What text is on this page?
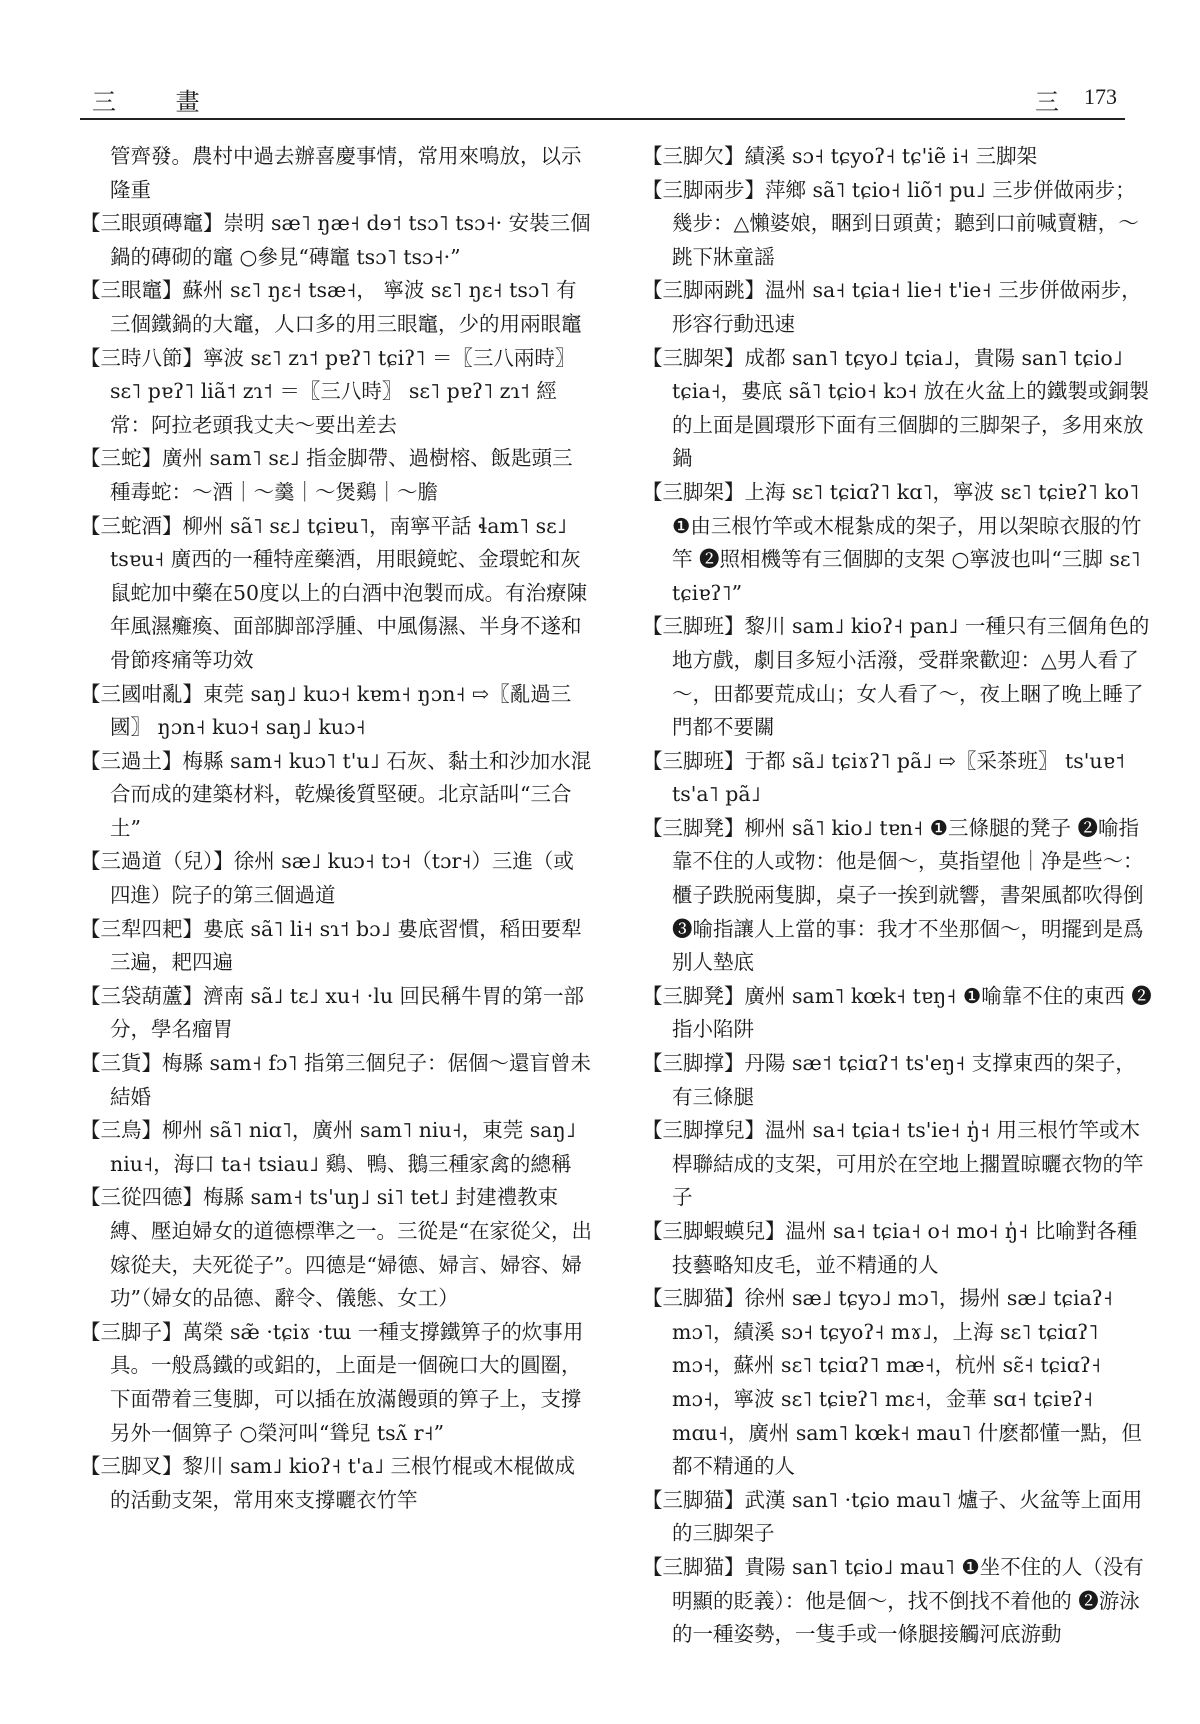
三 畫	三 173

管齊發。農村中過去辦喜慶事情，常用來鳴放，以示隆重

【三眼頭磚竈】崇明 sæ˥ ŋæ˧ dɘ˦ tsɔ˥ tsɔ˧· 安裝三個鍋的磚砌的竈 ○參見“磚竈 tsɔ˥ tsɔ˧·”

【三眼竈】蘇州 sɛ˥ ŋɛ˧ tsæ˧， 寧波 sɛ˥ ŋɛ˧ tsɔ˥ 有三個鐵鍋的大竈，人口多的用三眼竈，少的用兩眼竈

【三時八節】寧波 sɛ˥ zɿ˦ pɐʔ˥ tɕiʔ˥ ＝〖三八兩時〗 sɛ˥ pɐʔ˥ liã˦ zɿ˦ ＝〖三八時〗 sɛ˥ pɐʔ˥ zɿ˦ 經常：阿拉老頭我丈夫～要出差去

【三蛇】廣州 sam˥ sɛ˩ 指金脚帶、過樹榕、飯匙頭三種毒蛇：～酒｜～羹｜～煲鷄｜～膽

【三蛇酒】柳州 sã˥ sɛ˩ tɕiɐu˥，南寧平話 ɬam˥ sɛ˩ tsɐu˧ 廣西的一種特産藥酒，用眼鏡蛇、金環蛇和灰鼠蛇加中藥在50度以上的白酒中泡製而成。有治療陳年風濕癱瘓、面部脚部浮腫、中風傷濕、半身不遂和骨節疼痛等功效

【三國咁亂】東莞 saŋ˩ kuɔ˧ kɐm˧ ŋɔn˧ ⇨〖亂過三國〗 ŋɔn˧ kuɔ˧ saŋ˩ kuɔ˧

【三過土】梅縣 sam˧ kuɔ˥ t'u˩ 石灰、黏土和沙加水混合而成的建築材料，乾燥後質堅硬。北京話叫“三合土”

【三過道（兒）】徐州 sæ˩ kuɔ˧ tɔ˧（tɔr˧）三進（或四進）院子的第三個過道

【三犁四耙】婁底 sã˥ li˧ sɿ˦ bɔ˩ 婁底習慣，稻田要犁三遍，耙四遍

【三袋葫蘆】濟南 sã˩ tɛ˩ xu˧ ·lu 回民稱牛胃的第一部分，學名瘤胃

【三貨】梅縣 sam˧ fɔ˥ 指第三個兒子：倨個～還盲曾未結婚

【三鳥】柳州 sã˥ niɑ˥，廣州 sam˥ niu˧，東莞 saŋ˩ niu˧，海口 ta˧ tsiau˩ 鷄、鴨、鵝三種家禽的總稱

【三從四德】梅縣 sam˧ ts'uŋ˩ si˥ tet˩ 封建禮教束縛、壓迫婦女的道德標準之一。三從是“在家從父，出嫁從夫，夫死從子”。四德是“婦德、婦言、婦容、婦功”（婦女的品德、辭令、儀態、女工）

【三脚子】萬榮 sæ̃ ·tɕiɤ ·tɯ 一種支撐鐵箅子的炊事用具。一般爲鐵的或鋁的，上面是一個碗口大的圓圈，下面帶着三隻脚，可以插在放滿饅頭的箅子上，支撐另外一個箅子 ○榮河叫“聳兒 tsʌ̃ r˧”

【三脚叉】黎川 sam˩ kioʔ˧ t'a˩ 三根竹棍或木棍做成的活動支架，常用來支撐曬衣竹竿

【三脚欠】績溪 sɔ˧ tɕyoʔ˧ tɕ'iẽ i˧ 三脚架

【三脚兩步】萍鄉 sã˥ tɕio˧ liõ˦ pu˩ 三步併做兩步；幾步：△懶婆娘，睏到日頭黄；聽到口前喊賣糖，～跳下牀童謡

【三脚兩跳】温州 sa˧ tɕia˧ lie˧ t'ie˧ 三步併做兩步，形容行動迅速

【三脚架】成都 san˥ tɕyo˩ tɕia˩，貴陽 san˥ tɕio˩ tɕia˧，婁底 sã˥ tɕio˧ kɔ˧ 放在火盆上的鐵製或銅製的上面是圓環形下面有三個脚的三脚架子，多用來放鍋

【三脚架】上海 sɛ˥ tɕiɑʔ˥ kɑ˥，寧波 sɛ˥ tɕiɐʔ˥ ko˥ ❶由三根竹竿或木棍紮成的架子，用以架晾衣服的竹竿 ❷照相機等有三個脚的支架 ○寧波也叫“三脚 sɛ˥ tɕiɐʔ˥”

【三脚班】黎川 sam˩ kioʔ˧ pan˩ 一種只有三個角色的地方戲，劇目多短小活潑，受群衆歡迎：△男人看了～，田都要荒成山；女人看了～，夜上睏了晚上睡了門都不要關

【三脚班】于都 sã˩ tɕiɤʔ˥ pã˩ ⇨〖采茶班〗 ts'uɐ˦ ts'a˥ pã˩

【三脚凳】柳州 sã˥ kio˩ tɐn˧ ❶三條腿的凳子 ❷喻指靠不住的人或物：他是個～，莫指望他｜净是些～：櫃子跌脱兩隻脚，桌子一挨到就響，書架風都吹得倒 ❸喻指讓人上當的事：我才不坐那個～，明擺到是爲别人墊底

【三脚凳】廣州 sam˥ kœk˧ tɐŋ˧ ❶喻靠不住的東西 ❷指小陷阱

【三脚撑】丹陽 sæ˦ tɕiɑʔ˦ ts'eŋ˧ 支撑東西的架子，有三條腿

【三脚撑兒】温州 sa˧ tɕia˧ ts'ie˧ ŋ̍˧ 用三根竹竿或木桿聯結成的支架，可用於在空地上擱置晾曬衣物的竿子

【三脚蝦蟆兒】温州 sa˧ tɕia˧ o˧ mo˧ ŋ̍˧ 比喻對各種技藝略知皮毛，並不精通的人

【三脚猫】徐州 sæ˩ tɕyɔ˩ mɔ˥，揚州 sæ˩ tɕiaʔ˧ mɔ˥，績溪 sɔ˧ tɕyoʔ˧ mɤ˩，上海 sɛ˥ tɕiɑʔ˥ mɔ˧，蘇州 sɛ˥ tɕiɑʔ˥ mæ˧，杭州 sɛ̃˧ tɕiɑʔ˧ mɔ˧，寧波 sɛ˥ tɕiɐʔ˥ mɛ˧，金華 sɑ˧ tɕiɐʔ˧ mɑu˧，廣州 sam˥ kœk˧ mau˥ 什麽都懂一點，但都不精通的人

【三脚猫】武漢 san˥ ·tɕio mau˥ 爐子、火盆等上面用的三脚架子

【三脚猫】貴陽 san˥ tɕio˩ mau˥ ❶坐不住的人（没有明顯的貶義）：他是個～，找不倒找不着他的 ❷游泳的一種姿勢，一隻手或一條腿接觸河底游動
